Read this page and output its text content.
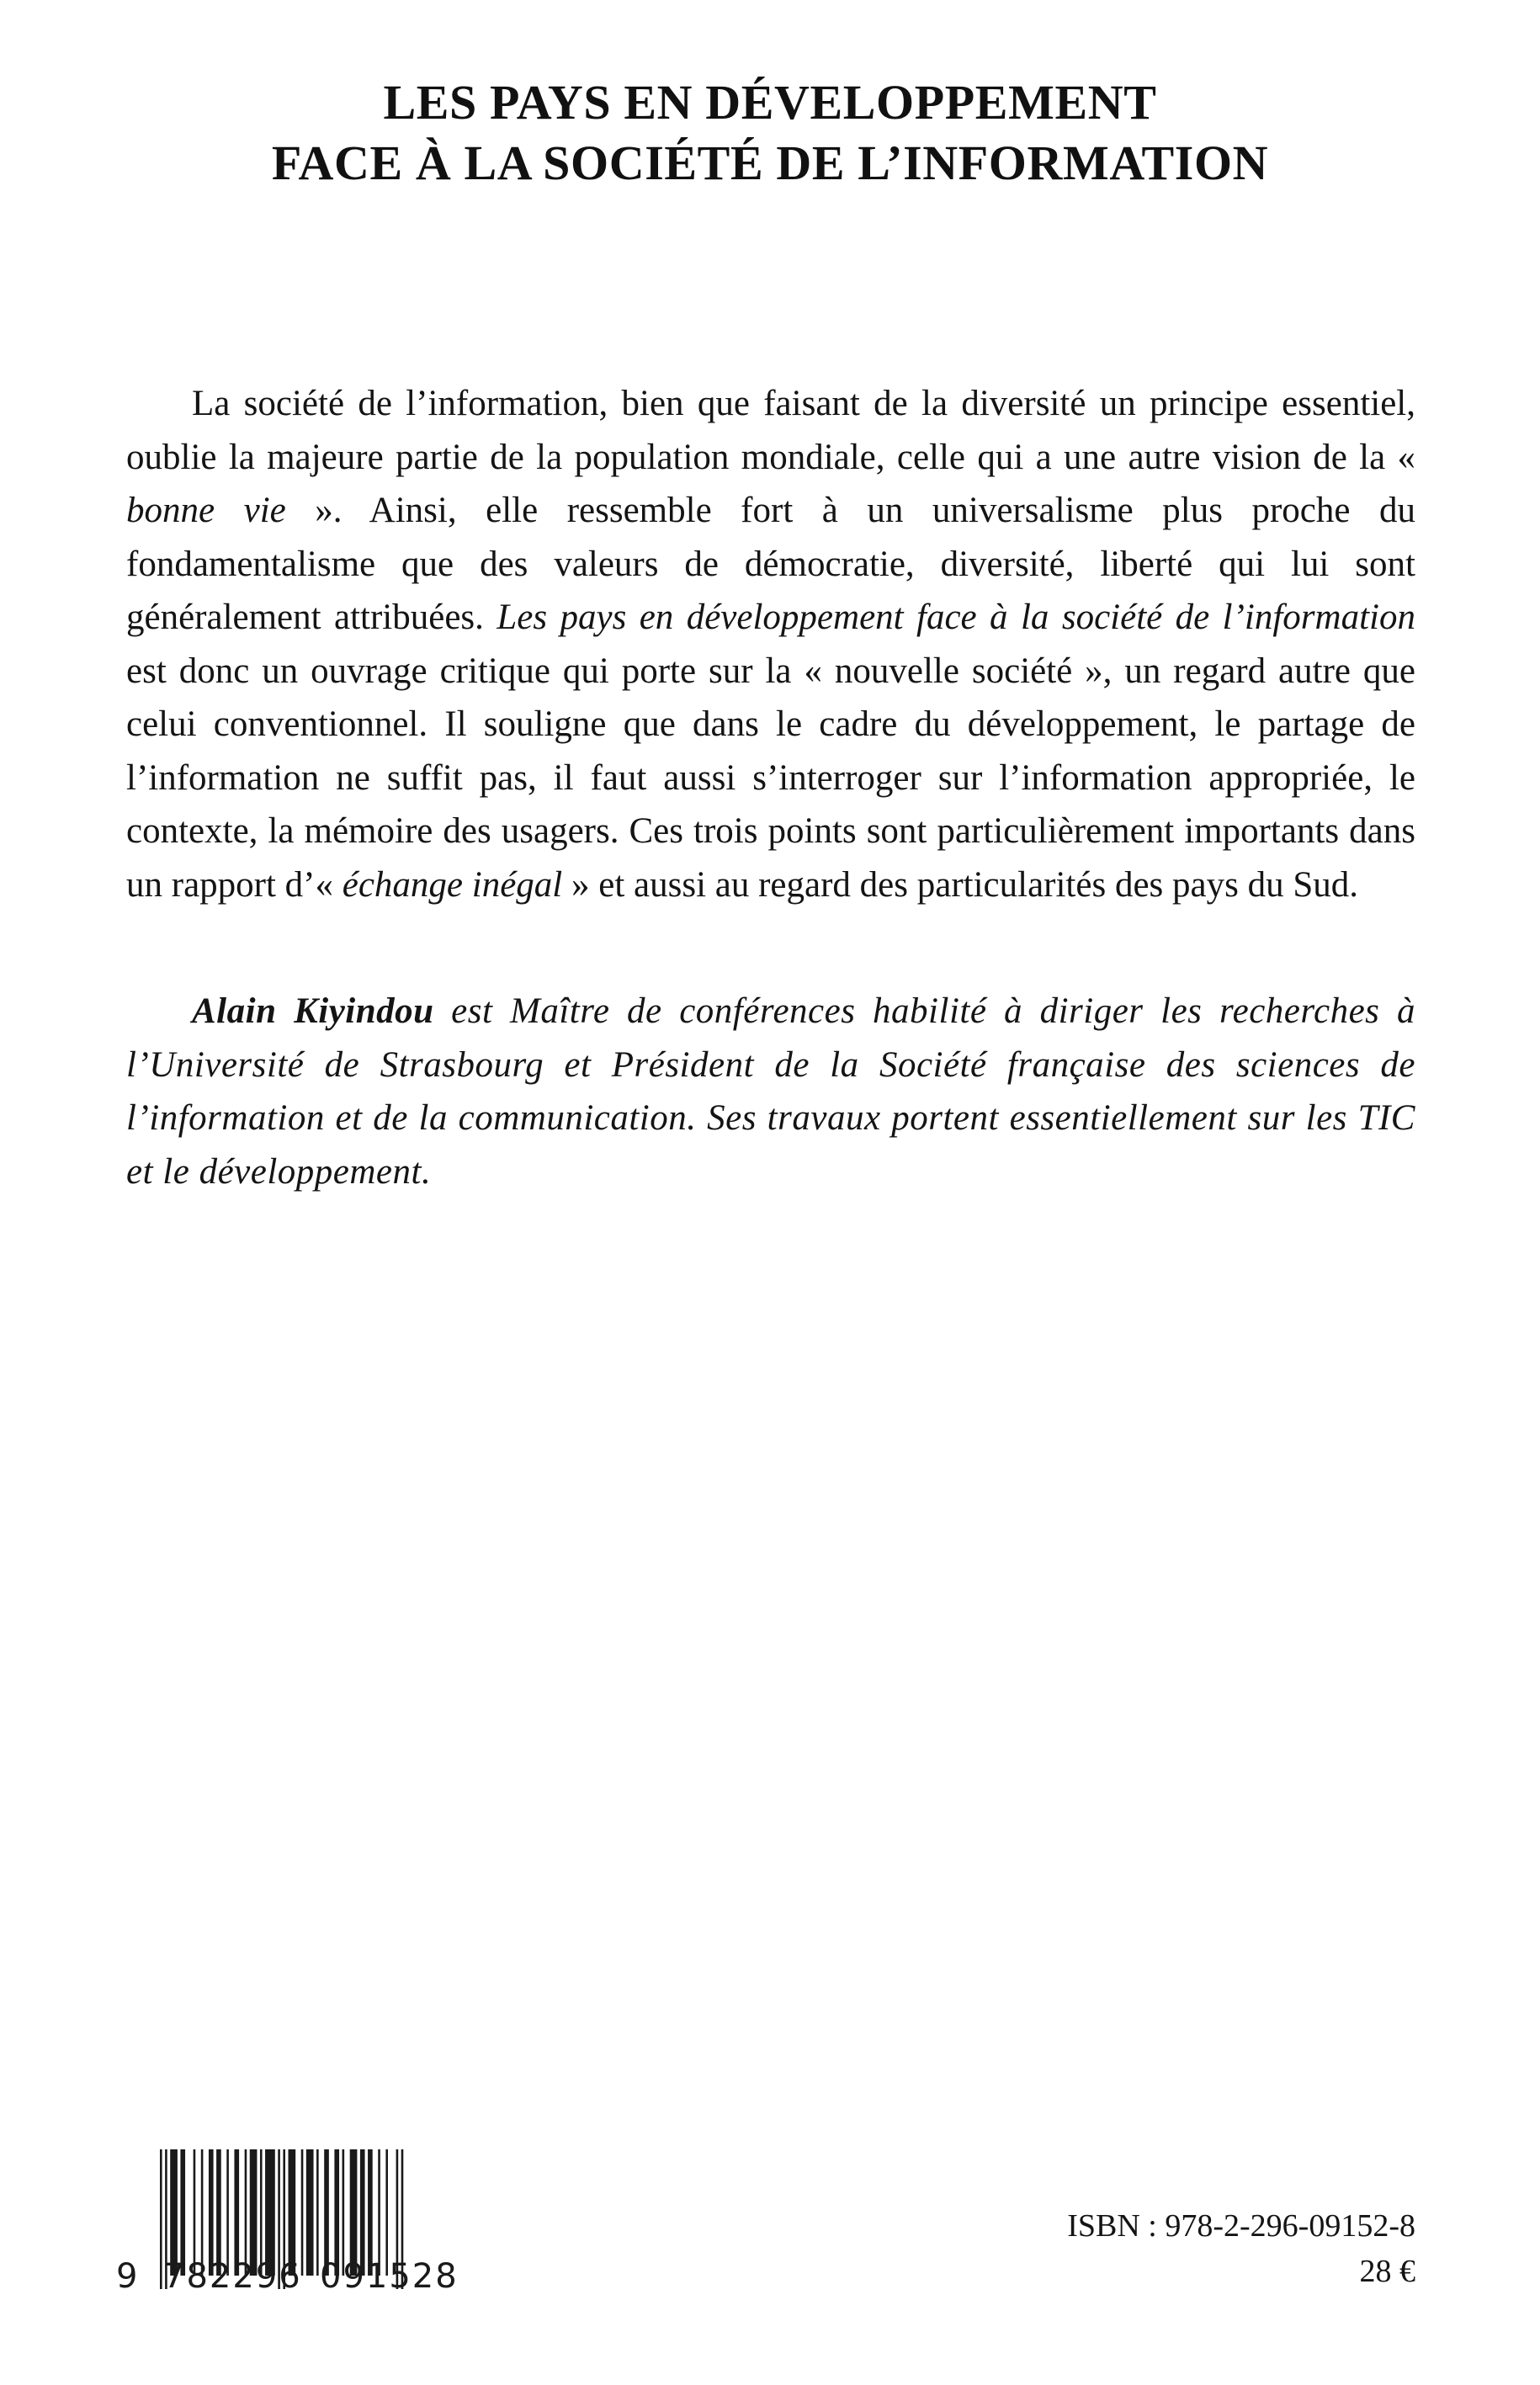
LES PAYS EN DÉVELOPPEMENT
FACE À LA SOCIÉTÉ DE L’INFORMATION

La société de l’information, bien que faisant de la diversité un principe essentiel, oublie la majeure partie de la population mondiale, celle qui a une autre vision de la « bonne vie ». Ainsi, elle ressemble fort à un universalisme plus proche du fondamentalisme que des valeurs de démocratie, diversité, liberté qui lui sont généralement attribuées. Les pays en développement face à la société de l’information est donc un ouvrage critique qui porte sur la « nouvelle société », un regard autre que celui conventionnel. Il souligne que dans le cadre du développement, le partage de l’information ne suffit pas, il faut aussi s’interroger sur l’information appropriée, le contexte, la mémoire des usagers. Ces trois points sont particulièrement importants dans un rapport d’« échange inégal » et aussi au regard des particularités des pays du Sud.

Alain Kiyindou est Maître de conférences habilité à diriger les recherches à l’Université de Strasbourg et Président de la Société française des sciences de l’information et de la communication. Ses travaux portent essentiellement sur les TIC et le développement.

9 782296 091528
ISBN : 978-2-296-09152-8
28 €
